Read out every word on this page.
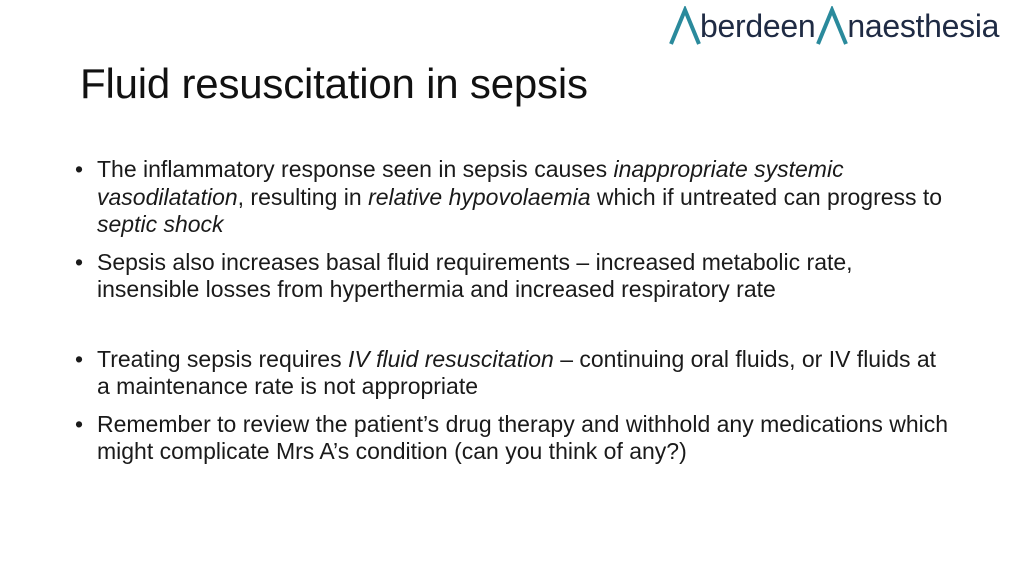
berdeen naesthesia
Fluid resuscitation in sepsis
• The inflammatory response seen in sepsis causes inappropriate systemic vasodilatation, resulting in relative hypovolaemia which if untreated can progress to septic shock
• Sepsis also increases basal fluid requirements – increased metabolic rate, insensible losses from hyperthermia and increased respiratory rate
• Treating sepsis requires IV fluid resuscitation – continuing oral fluids, or IV fluids at a maintenance rate is not appropriate
• Remember to review the patient’s drug therapy and withhold any medications which might complicate Mrs A’s condition (can you think of any?)
